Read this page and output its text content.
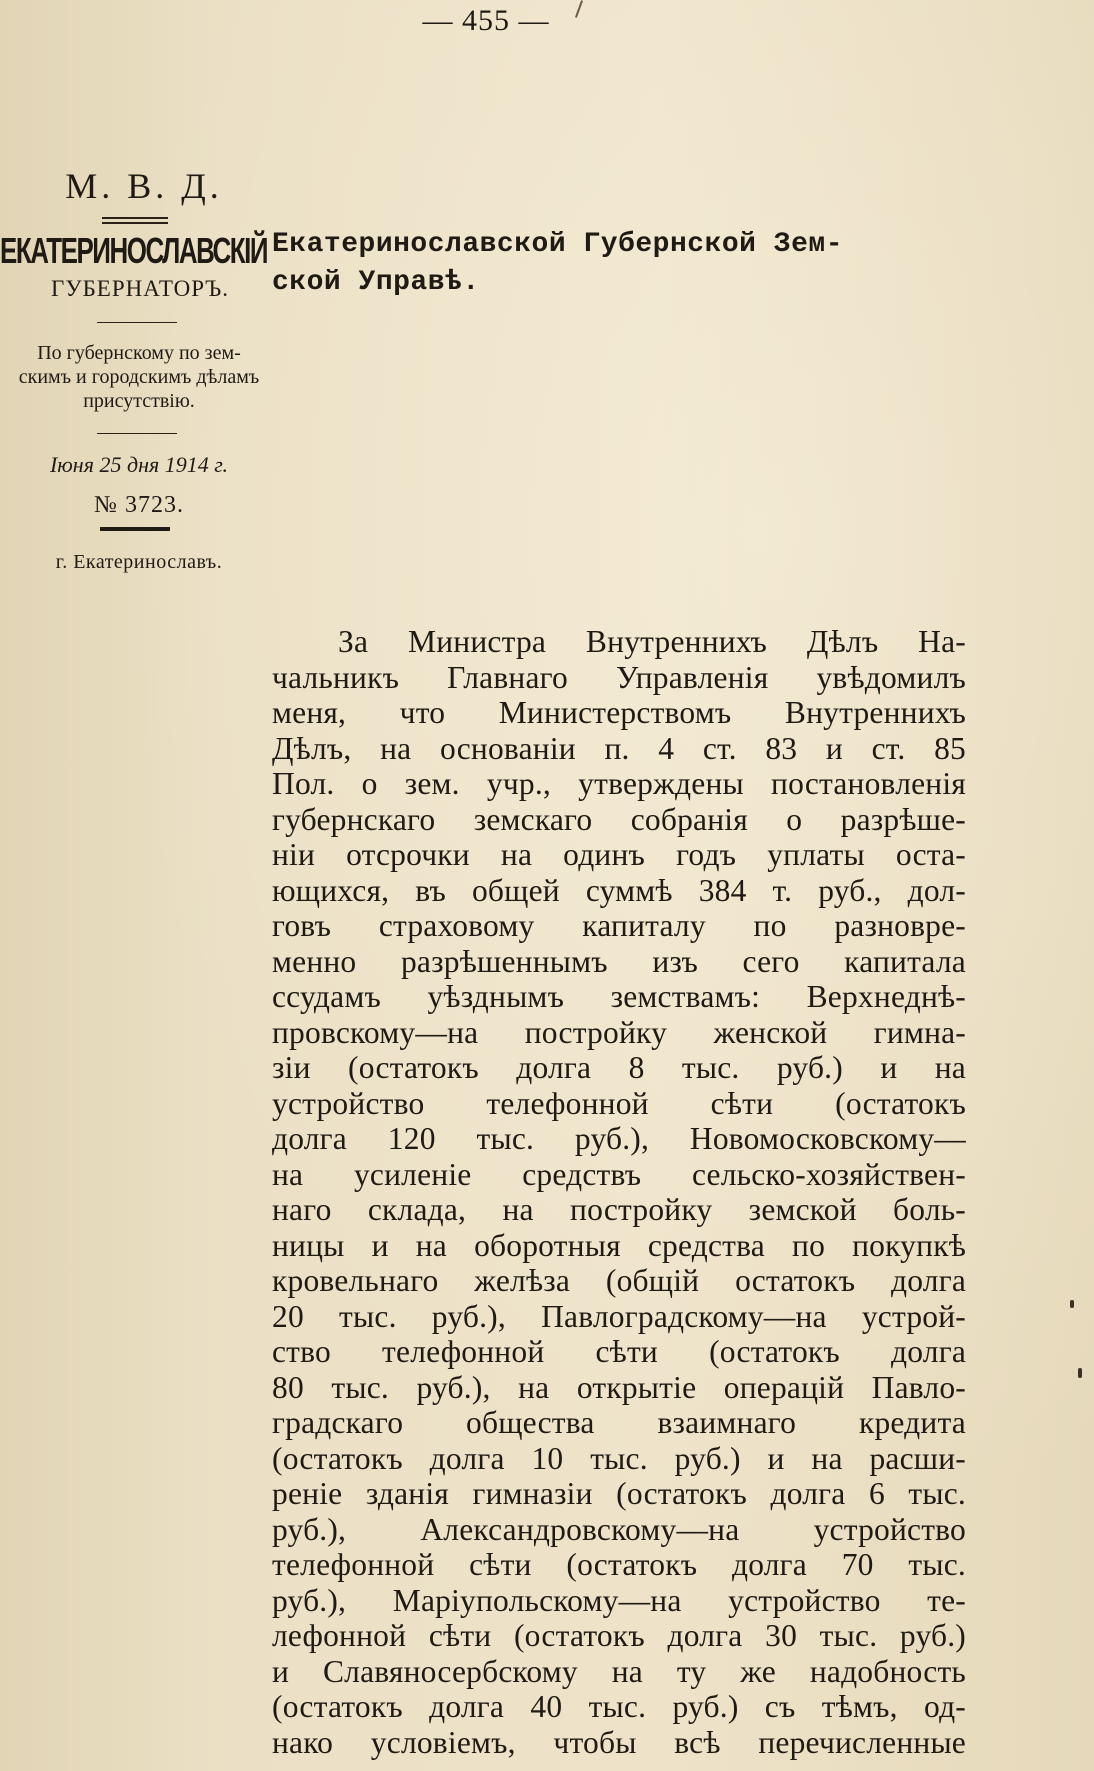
— 455 —
М. В. Д.
ЕКАТЕРИНОСЛАВСКІЙ
ГУБЕРНАТОРЪ.
По губернскому по зем-
скимъ и городскимъ дѣламъ
присутствію.
Іюня 25 дня 1914 г.
№ 3723.
г. Екатеринославъ.
Екатеринославской Губернской Зем-
ской Управѣ.
За Министра Внутреннихъ Дѣлъ На-
чальникъ Главнаго Управленія увѣдомилъ
меня, что Министерствомъ Внутреннихъ
Дѣлъ, на основаніи п. 4 ст. 83 и ст. 85
Пол. о зем. учр., утверждены постановленія
губернскаго земскаго собранія о разрѣше-
ніи отсрочки на одинъ годъ уплаты оста-
ющихся, въ общей суммѣ 384 т. руб., дол-
говъ страховому капиталу по разновре-
менно разрѣшеннымъ изъ сего капитала
ссудамъ уѣзднымъ земствамъ: Верхнеднѣ-
провскому—на постройку женской гимна-
зіи (остатокъ долга 8 тыс. руб.) и на
устройство телефонной сѣти (остатокъ
долга 120 тыс. руб.), Новомосковскому—
на усиленіе средствъ сельско-хозяйствен-
наго склада, на постройку земской боль-
ницы и на оборотныя средства по покупкѣ
кровельнаго желѣза (общій остатокъ долга
20 тыс. руб.), Павлоградскому—на устрой-
ство телефонной сѣти (остатокъ долга
80 тыс. руб.), на открытіе операцій Павло-
градскаго общества взаимнаго кредита
(остатокъ долга 10 тыс. руб.) и на расши-
реніе зданія гимназіи (остатокъ долга 6 тыс.
руб.), Александровскому—на устройство
телефонной сѣти (остатокъ долга 70 тыс.
руб.), Маріупольскому—на устройство те-
лефонной сѣти (остатокъ долга 30 тыс. руб.)
и Славяносербскому на ту же надобность
(остатокъ долга 40 тыс. руб.) съ тѣмъ, од-
нако условіемъ, чтобы всѣ перечисленные
